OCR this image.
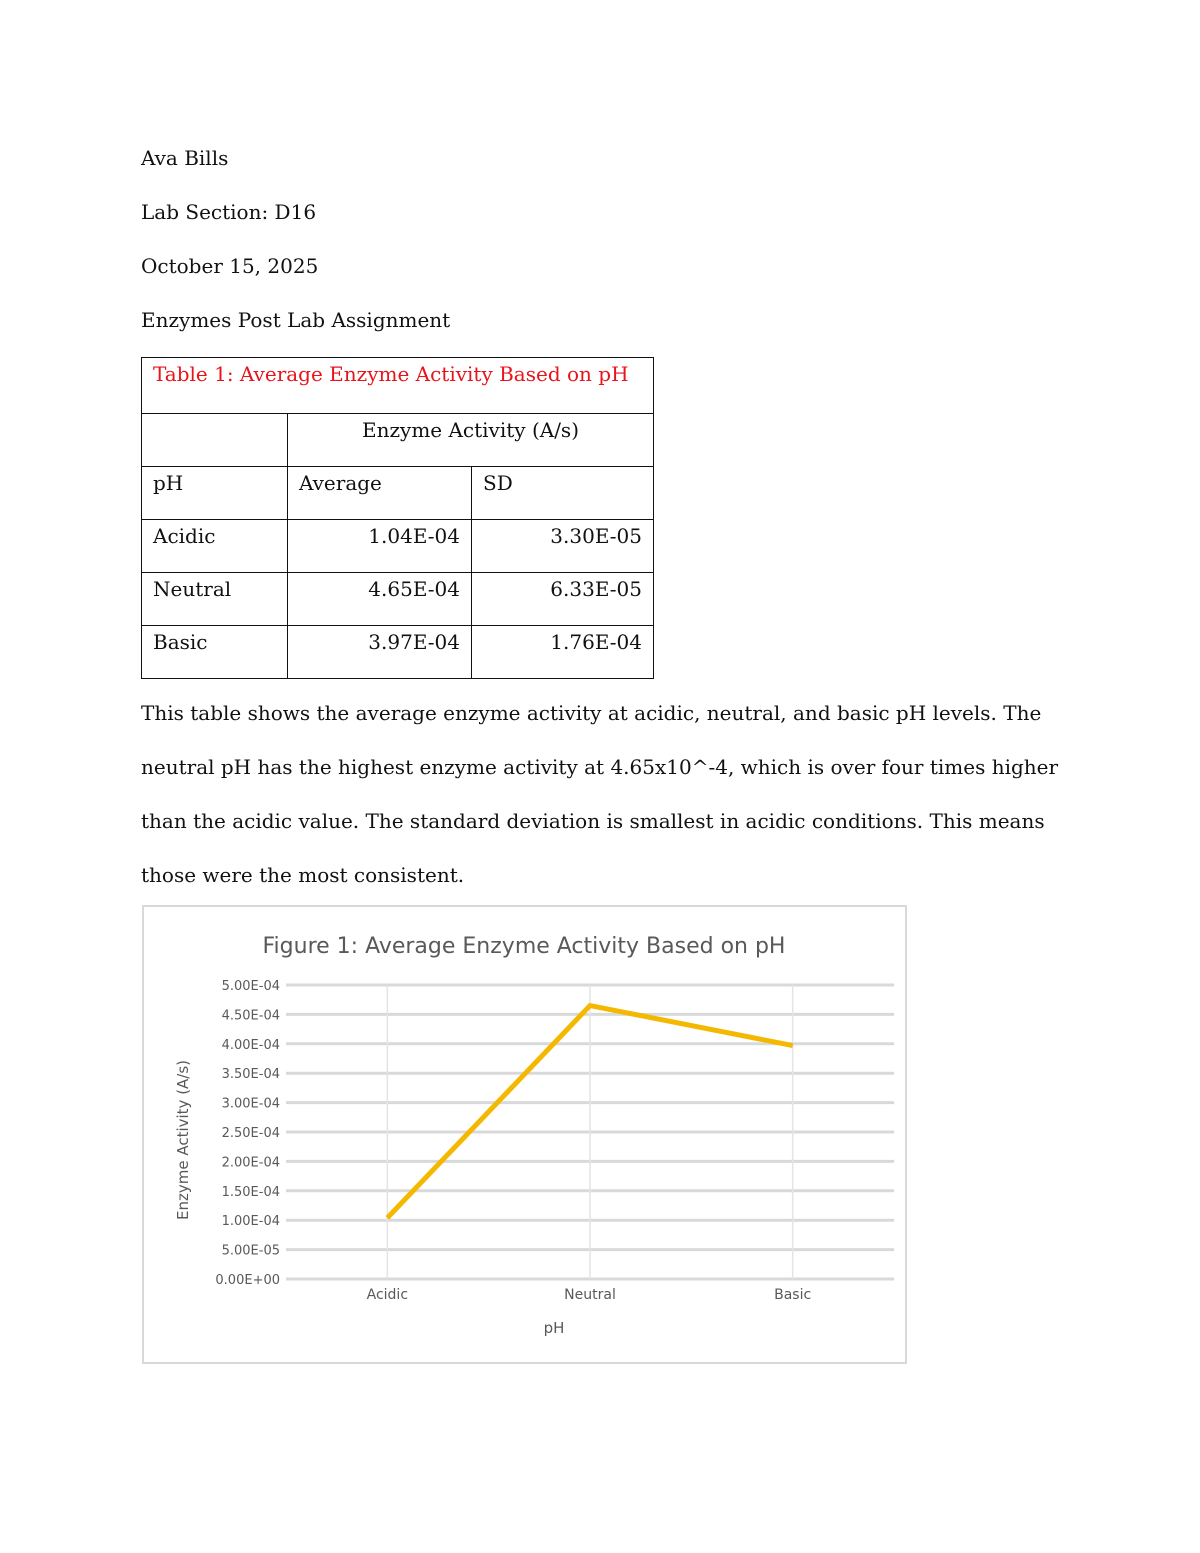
Ava Bills
Lab Section: D16
October 15, 2025
Enzymes Post Lab Assignment
Table 1: Average Enzyme Activity Based on pH		
	Enzyme Activity (A/s)	
pH	Average	SD
Acidic	1.04E-04	3.30E-05
Neutral	4.65E-04	6.33E-05
Basic	3.97E-04	1.76E-04

This table shows the average enzyme activity at acidic, neutral, and basic pH levels. The neutral pH has the highest enzyme activity at 4.65x10^-4, which is over four times higher than the acidic value. The standard deviation is smallest in acidic conditions. This means those were the most consistent.

Figure 1: Average Enzyme Activity Based on pH
0.00E+00
5.00E-05
1.00E-04
1.50E-04
2.00E-04
2.50E-04
3.00E-04
3.50E-04
4.00E-04
4.50E-04
5.00E-04
Acidic	Neutral	Basic
Enzyme Activity (A/s)
pH
